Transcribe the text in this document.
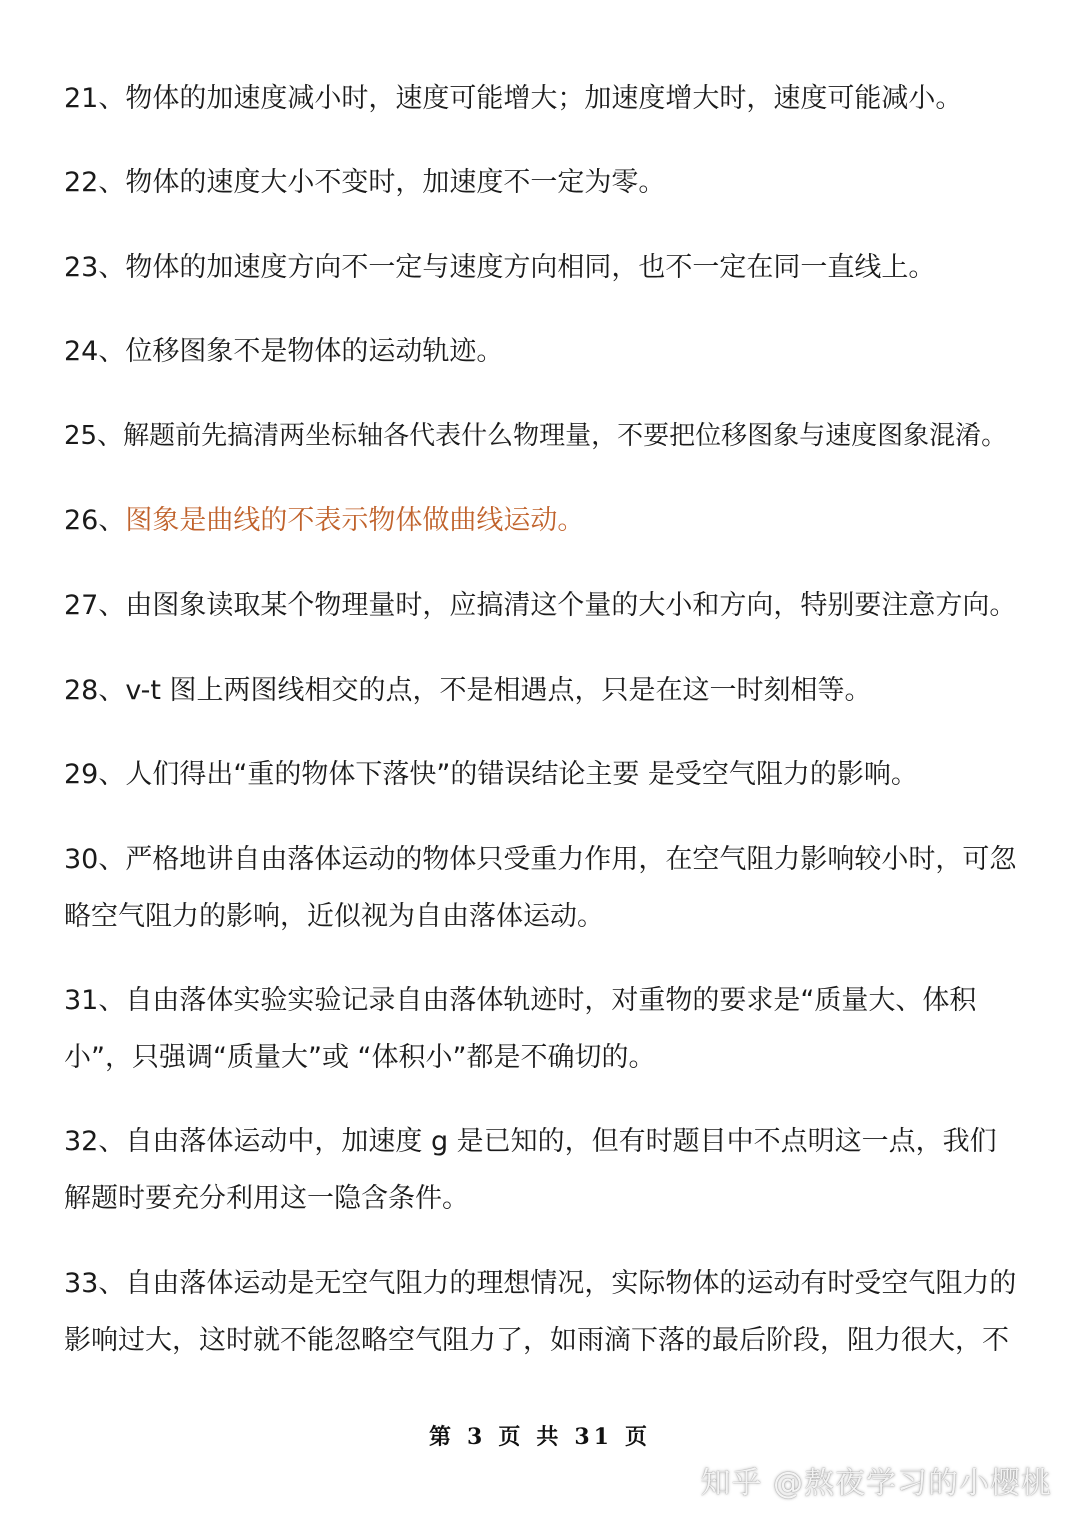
21、物体的加速度减小时，速度可能增大；加速度增大时，速度可能减小。
22、物体的速度大小不变时，加速度不一定为零。
23、物体的加速度方向不一定与速度方向相同，也不一定在同一直线上。
24、位移图象不是物体的运动轨迹。
25、解题前先搞清两坐标轴各代表什么物理量，不要把位移图象与速度图象混淆。
26、图象是曲线的不表示物体做曲线运动。
27、由图象读取某个物理量时，应搞清这个量的大小和方向，特别要注意方向。
28、v-t 图上两图线相交的点，不是相遇点，只是在这一时刻相等。
29、人们得出“重的物体下落快”的错误结论主要 是受空气阻力的影响。
30、严格地讲自由落体运动的物体只受重力作用，在空气阻力影响较小时，可忽略空气阻力的影响，近似视为自由落体运动。
31、自由落体实验实验记录自由落体轨迹时，对重物的要求是“质量大、体积小”，只强调“质量大”或 “体积小”都是不确切的。
32、自由落体运动中，加速度 g 是已知的，但有时题目中不点明这一点，我们解题时要充分利用这一隐含条件。
33、自由落体运动是无空气阻力的理想情况，实际物体的运动有时受空气阻力的影响过大，这时就不能忽略空气阻力了，如雨滴下落的最后阶段，阻力很大，不
第 3 页 共 31 页
知乎 @熬夜学习的小樱桃
